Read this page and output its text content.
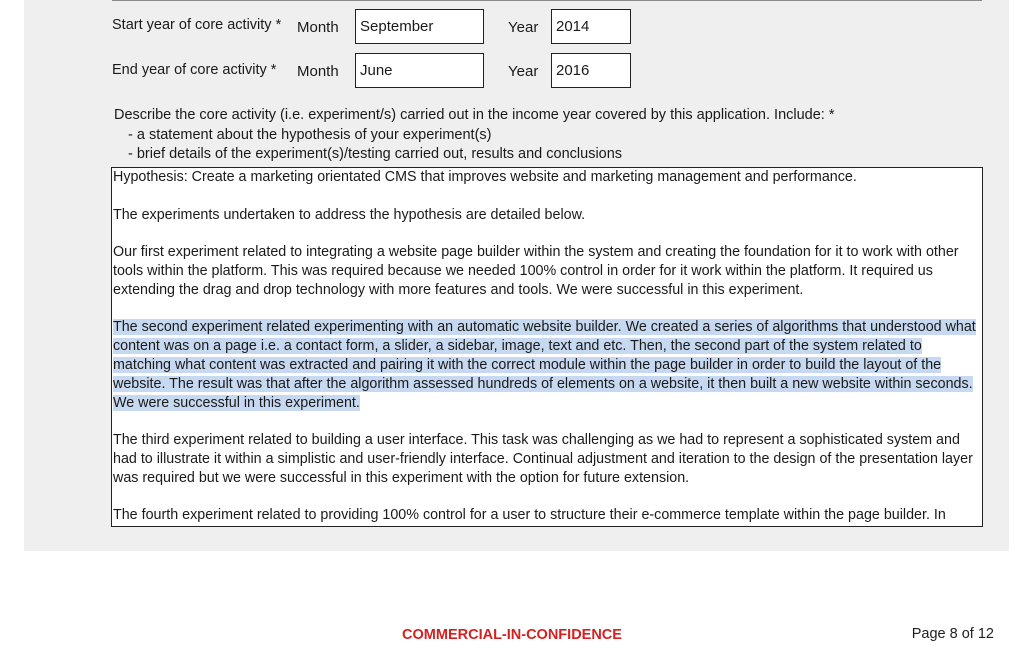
Start year of core activity * Month	September	Year	2014
End year of core activity * Month	June	Year	2016
Describe the core activity (i.e. experiment/s) carried out in the income year covered by this application. Include: *
- a statement about the hypothesis of your experiment(s)
- brief details of the experiment(s)/testing carried out, results and conclusions
Hypothesis: Create a marketing orientated CMS that improves website and marketing management and performance.
The experiments undertaken to address the hypothesis are detailed below.
Our first experiment related to integrating a website page builder within the system and creating the foundation for it to work with other tools within the platform. This was required because we needed 100% control in order for it work within the platform. It required us extending the drag and drop technology with more features and tools. We were successful in this experiment.
The second experiment related experimenting with an automatic website builder. We created a series of algorithms that understood what content was on a page i.e. a contact form, a slider, a sidebar, image, text and etc. Then, the second part of the system related to matching what content was extracted and pairing it with the correct module within the page builder in order to build the layout of the website. The result was that after the algorithm assessed hundreds of elements on a website, it then built a new website within seconds. We were successful in this experiment.
The third experiment related to building a user interface. This task was challenging as we had to represent a sophisticated system and had to illustrate it within a simplistic and user-friendly interface. Continual adjustment and iteration to the design of the presentation layer was required but we were successful in this experiment with the option for future extension.
The fourth experiment related to providing 100% control for a user to structure their e-commerce template within the page builder. In
COMMERCIAL-IN-CONFIDENCE	Page 8 of 12
